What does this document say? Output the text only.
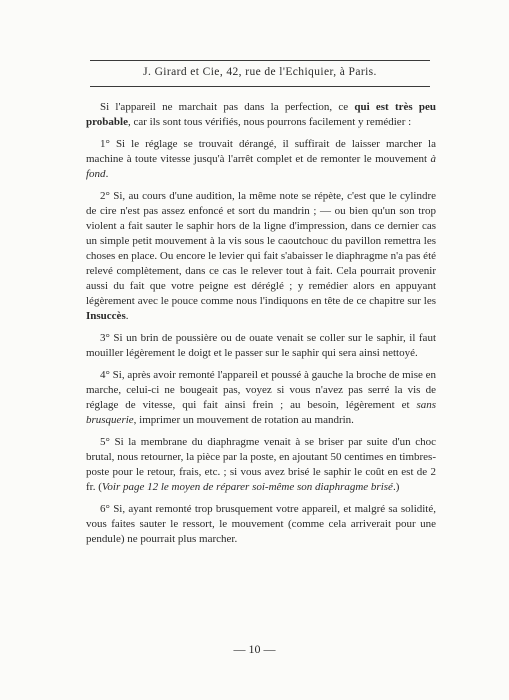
J. Girard et Cie, 42, rue de l'Echiquier, à Paris.

Si l'appareil ne marchait pas dans la perfection, ce qui est très peu probable, car ils sont tous vérifiés, nous pourrons facilement y remédier :

1° Si le réglage se trouvait dérangé, il suffirait de laisser marcher la machine à toute vitesse jusqu'à l'arrêt complet et de remonter le mouvement à fond.

2° Si, au cours d'une audition, la même note se répète, c'est que le cylindre de cire n'est pas assez enfoncé et sort du mandrin ; — ou bien qu'un son trop violent a fait sauter le saphir hors de la ligne d'impression, dans ce dernier cas un simple petit mouvement à la vis sous le caoutchouc du pavillon remettra les choses en place. Ou encore le levier qui fait s'abaisser le diaphragme n'a pas été relevé complètement, dans ce cas le relever tout à fait. Cela pourrait provenir aussi du fait que votre peigne est déréglé ; y remédier alors en appuyant légèrement avec le pouce comme nous l'indiquons en tête de ce chapitre sur les Insuccès.

3° Si un brin de poussière ou de ouate venait se coller sur le saphir, il faut mouiller légèrement le doigt et le passer sur le saphir qui sera ainsi nettoyé.

4° Si, après avoir remonté l'appareil et poussé à gauche la broche de mise en marche, celui-ci ne bougeait pas, voyez si vous n'avez pas serré la vis de réglage de vitesse, qui fait ainsi frein ; au besoin, légèrement et sans brusquerie, imprimer un mouvement de rotation au mandrin.

5° Si la membrane du diaphragme venait à se briser par suite d'un choc brutal, nous retourner, la pièce par la poste, en ajoutant 50 centimes en timbres-poste pour le retour, frais, etc. ; si vous avez brisé le saphir le coût en est de 2 fr. (Voir page 12 le moyen de réparer soi-même son diaphragme brisé.)

6° Si, ayant remonté trop brusquement votre appareil, et malgré sa solidité, vous faites sauter le ressort, le mouvement (comme cela arriverait pour une pendule) ne pourrait plus marcher.

— 10 —
